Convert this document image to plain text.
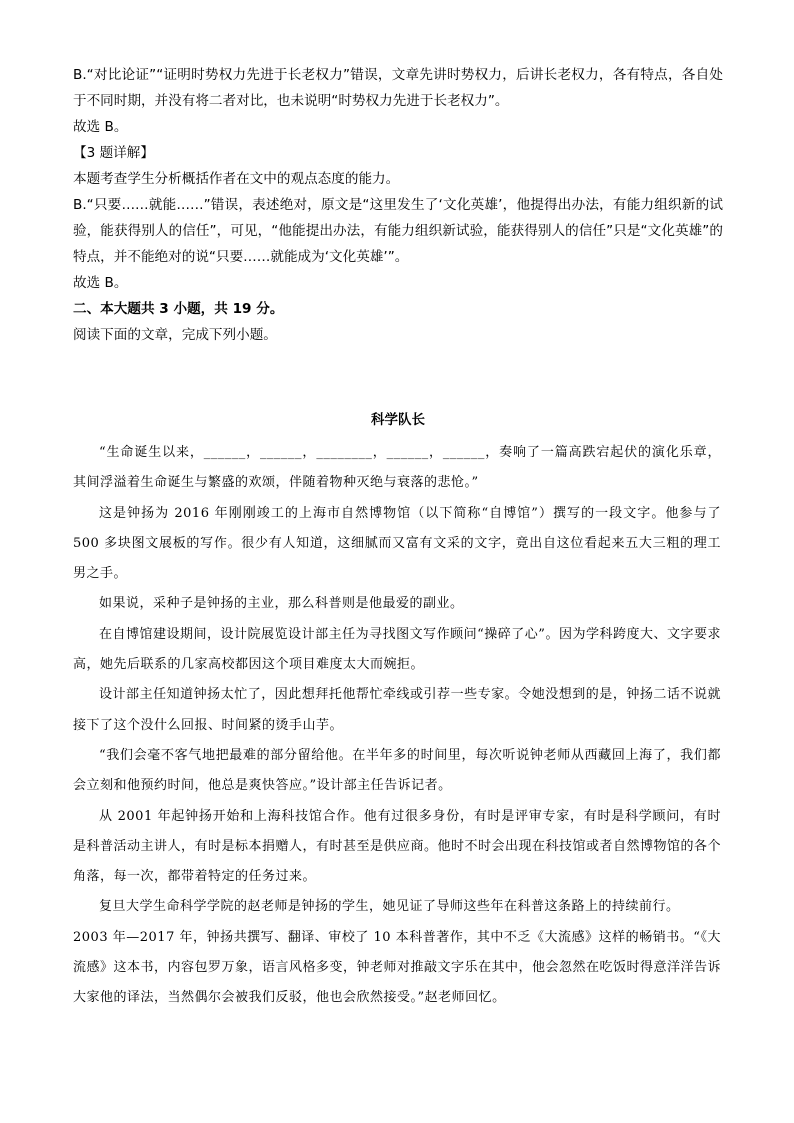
B.“对比论证”“证明时势权力先进于长老权力”错误，文章先讲时势权力，后讲长老权力，各有特点，各自处于不同时期，并没有将二者对比，也未说明“时势权力先进于长老权力”。

故选 B。

【3 题详解】

本题考查学生分析概括作者在文中的观点态度的能力。

B.“只要……就能……”错误，表述绝对，原文是“这里发生了‘文化英雄’，他提得出办法，有能力组织新的试验，能获得别人的信任”，可见，“他能提出办法，有能力组织新试验，能获得别人的信任”只是“文化英雄”的特点，并不能绝对的说“只要……就能成为‘文化英雄’”。

故选 B。

二、本大题共 3 小题，共 19 分。

阅读下面的文章，完成下列小题。

科学队长

“生命诞生以来，______，______，________，______，______，奏响了一篇高跌宕起伏的演化乐章，其间浮溢着生命诞生与繁盛的欢颂，伴随着物种灭绝与衰落的悲怆。”

这是钟扬为 2016 年刚刚竣工的上海市自然博物馆（以下简称“自博馆”）撰写的一段文字。他参与了 500 多块图文展板的写作。很少有人知道，这细腻而又富有文采的文字，竟出自这位看起来五大三粗的理工男之手。

如果说，采种子是钟扬的主业，那么科普则是他最爱的副业。

在自博馆建设期间，设计院展览设计部主任为寻找图文写作顾问“操碎了心”。因为学科跨度大、文字要求高，她先后联系的几家高校都因这个项目难度太大而婉拒。

设计部主任知道钟扬太忙了，因此想拜托他帮忙牵线或引荐一些专家。令她没想到的是，钟扬二话不说就接下了这个没什么回报、时间紧的烫手山芋。

“我们会毫不客气地把最难的部分留给他。在半年多的时间里，每次听说钟老师从西藏回上海了，我们都会立刻和他预约时间，他总是爽快答应。”设计部主任告诉记者。

从 2001 年起钟扬开始和上海科技馆合作。他有过很多身份，有时是评审专家，有时是科学顾问，有时是科普活动主讲人，有时是标本捐赠人，有时甚至是供应商。他时不时会出现在科技馆或者自然博物馆的各个角落，每一次，都带着特定的任务过来。

复旦大学生命科学学院的赵老师是钟扬的学生，她见证了导师这些年在科普这条路上的持续前行。

2003 年—2017 年，钟扬共撰写、翻译、审校了 10 本科普著作，其中不乏《大流感》这样的畅销书。“《大流感》这本书，内容包罗万象，语言风格多变，钟老师对推敲文字乐在其中，他会忽然在吃饭时得意洋洋告诉大家他的译法，当然偶尔会被我们反驳，他也会欣然接受。”赵老师回忆。
